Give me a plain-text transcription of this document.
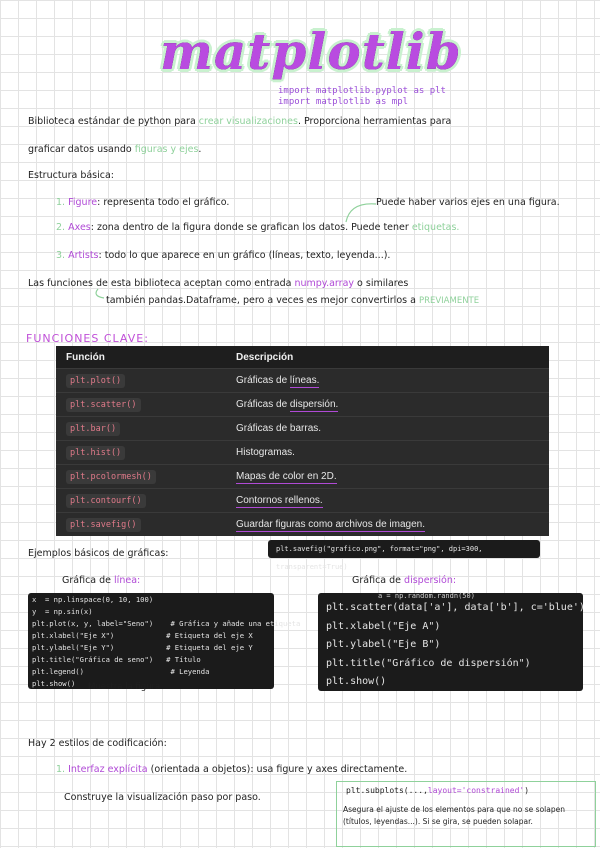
matplotlib
import matplotlib.pyplot as plt
import matplotlib as mpl
Biblioteca estándar de python para crear visualizaciones. Proporciona herramientas para
graficar datos usando figuras y ejes.
Estructura básica:
1. Figure: representa todo el gráfico.	Puede haber varios ejes en una figura.
2. Axes: zona dentro de la figura donde se grafican los datos. Puede tener etiquetas.
3. Artists: todo lo que aparece en un gráfico (líneas, texto, leyenda...).
Las funciones de esta biblioteca aceptan como entrada numpy.array o similares
también pandas.Dataframe, pero a veces es mejor convertirlos a PREVIAMENTE
FUNCIONES CLAVE:
Función	Descripción
plt.plot()	Gráficas de líneas.
plt.scatter()	Gráficas de dispersión.
plt.bar()	Gráficas de barras.
plt.hist()	Histogramas.
plt.pcolormesh()	Mapas de color en 2D.
plt.contourf()	Contornos rellenos.
plt.savefig()	Guardar figuras como archivos de imagen.
plt.savefig("grafico.png", format="png", dpi=300, transparent=True)
Ejemplos básicos de gráficas:
Gráfica de línea:	Gráfica de dispersión:
x  = np.linspace(0, 10, 100)
y  = np.sin(x)
plt.plot(x, y, label="Seno")    # Gráfica y añade una etiqueta
plt.xlabel("Eje X")            # Etiqueta del eje X
plt.ylabel("Eje Y")            # Etiqueta del eje Y
plt.title("Gráfica de seno")   # Título
plt.legend()                    # Leyenda
plt.show()	Muestra la figura
a = np.random.randn(50)
plt.scatter(data['a'], data['b'], c='blue')
plt.xlabel("Eje A")
plt.ylabel("Eje B")
plt.title("Gráfico de dispersión")
plt.show()
Hay 2 estilos de codificación:
1. Interfaz explícita (orientada a objetos): usa figure y axes directamente.
Construye la visualización paso por paso.
plt.subplots(...,layout='constrained')
Asegura el ajuste de los elementos para que no se solapen (títulos, leyendas...). Si se gira, se pueden solapar.
